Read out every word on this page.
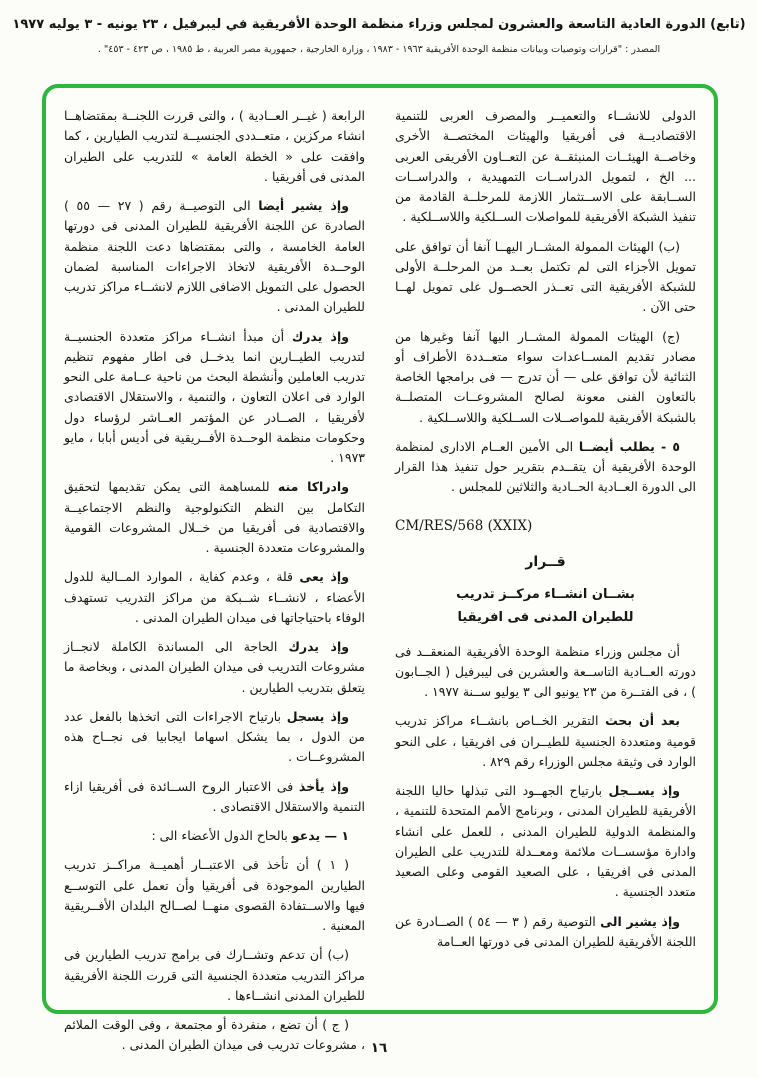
(تابع) الدورة العادية التاسعة والعشرون لمجلس وزراء منظمة الوحدة الأفريقية في ليبرفيل ، ٢٣ يونيه - ٣ يوليه ١٩٧٧
المصدر : "قرارات وتوصيات وبيانات منظمة الوحدة الأفريقية ١٩٦٣ - ١٩٨٣ ، وزارة الخارجية ، جمهورية مصر العربية ، ط ١٩٨٥ ، ص ٤٢٣ - ٤٥٣" .

الدولى للانشــاء والتعميــر والمصرف العربى للتنمية الاقتصاديــة فى أفريقيا والهيئات المختصــة الأخرى وخاصــة الهيئــات المنبثقــة عن التعــاون الأفريقى العربى ... الخ ، لتمويل الدراســات التمهيدية ، والدراســات الســابقة على الاســتثمار اللازمة للمرحلــة القادمة من تنفيذ الشبكة الأفريقية للمواصلات الســلكية واللاســلكية .

(ب) الهيئات الممولة المشــار اليهــا آنفا أن توافق على تمويل الأجزاء التى لم تكتمل بعــد من المرحلــة الأولى للشبكة الأفريقية التى تعــذر الحصــول على تمويل لهــا حتى الآن .

(ج) الهيئات الممولة المشــار اليها آنفا وغيرها من مصادر تقديم المســاعدات سواء متعــددة الأطراف أو الثنائية لأن توافق على — أن تدرج — فى برامجها الخاصة بالتعاون الفنى معونة لصالح المشروعــات المتصلــة بالشبكة الأفريقية للمواصــلات الســلكية واللاســلكية .

٥ - يطلب أيضــا الى الأمين العــام الادارى لمنظمة الوحدة الأفريقية أن يتقــدم بتقرير حول تنفيذ هذا القرار الى الدورة العــادية الحــادية والثلاثين للمجلس .

CM/RES/568 (XXIX)

قــرار
بشــان انشــاء مركــز تدريب
للطيران المدنى فى افريقيا

أن مجلس وزراء منظمة الوحدة الأفريقية المنعقــد فى دورته العــادية التاســعة والعشرين فى ليبرفيل ( الجــابون ) ، فى الفتــرة من ٢٣ يونيو الى ٣ يوليو ســنة ١٩٧٧ .

بعد أن بحث التقرير الخــاص بانشــاء مراكز تدريب قومية ومتعددة الجنسية للطيــران فى افريقيا ، على النحو الوارد فى وثيقة مجلس الوزراء رقم ٨٢٩ .

وإذ يســجل بارتياح الجهــود التى تبذلها حاليا اللجنة الأفريقية للطيران المدنى ، وبرنامج الأمم المتحدة للتنمية ، والمنظمة الدولية للطيران المدنى ، للعمل على انشاء وادارة مؤسســات ملائمة ومعــدلة للتدريب على الطيران المدنى فى افريقيا ، على الصعيد القومى وعلى الصعيد متعدد الجنسية .

وإذ يشير الى التوصية رقم ( ٣ — ٥٤ ) الصــادرة عن اللجنة الأفريقية للطيران المدنى فى دورتها العــامة

الرابعة ( غيــر العــادية ) ، والتى قررت اللجنــة بمقتضاهــا انشاء مركزين ، متعــددى الجنسيــة لتدريب الطيارين ، كما وافقت على « الخطة العامة » للتدريب على الطيران المدنى فى أفريقيا .

وإذ يشير أيضا الى التوصيــة رقم ( ٢٧ — ٥٥ ) الصادرة عن اللجنة الأفريقية للطيران المدنى فى دورتها العامة الخامسة ، والتى بمقتضاها دعت اللجنة منظمة الوحــدة الأفريقية لاتخاذ الاجراءات المناسبة لضمان الحصول على التمويل الاضافى اللازم لانشــاء مراكز تدريب للطيران المدنى .

وإذ يدرك أن مبدأ انشــاء مراكز متعددة الجنسيــة لتدريب الطيــارين انما يدخــل فى اطار مفهوم تنظيم تدريب العاملين وأنشطة البحث من ناحية عــامة على النحو الوارد فى اعلان التعاون ، والتنمية ، والاستقلال الاقتصادى لأفريقيا ، الصــادر عن المؤتمر العــاشر لرؤساء دول وحكومات منظمة الوحــدة الأفــريقية فى أديس أبابا ، مايو ١٩٧٣ .

وادراكا منه للمساهمة التى يمكن تقديمها لتحقيق التكامل بين النظم التكنولوجية والنظم الاجتماعيــة والاقتصادية فى أفريقيا من خــلال المشروعات القومية والمشروعات متعددة الجنسية .

وإذ يعى قلة ، وعدم كفاية ، الموارد المــالية للدول الأعضاء ، لانشــاء شــبكة من مراكز التدريب تستهدف الوفاء باحتياجاتها فى ميدان الطيران المدنى .

وإذ يدرك الحاجة الى المساندة الكاملة لانجــاز مشروعات التدريب فى ميدان الطيران المدنى ، وبخاصة ما يتعلق بتدريب الطيارين .

وإذ يسجل بارتياح الاجراءات التى اتخذها بالفعل عدد من الدول ، بما يشكل اسهاما ايجابيا فى نجــاح هذه المشروعــات .

وإذ يأخذ فى الاعتبار الروح الســائدة فى أفريقيا ازاء التنمية والاستقلال الاقتصادى .

١ — يدعو بالحاح الدول الأعضاء الى :

( ١ ) أن تأخذ فى الاعتبــار أهميــة مراكــز تدريب الطيارين الموجودة فى أفريقيا وأن تعمل على التوســع فيها والاســتفادة القصوى منهــا لصــالح البلدان الأفــريقية المعنية .

(ب) أن تدعم وتشــارك فى برامج تدريب الطيارين فى مراكز التدريب متعددة الجنسية التى قررت اللجنة الأفريقية للطيران المدنى انشــاءها .

( ج ) أن تضع ، منفردة أو مجتمعة ، وفى الوقت الملائم ، مشروعات تدريب فى ميدان الطيران المدنى . ١٦
